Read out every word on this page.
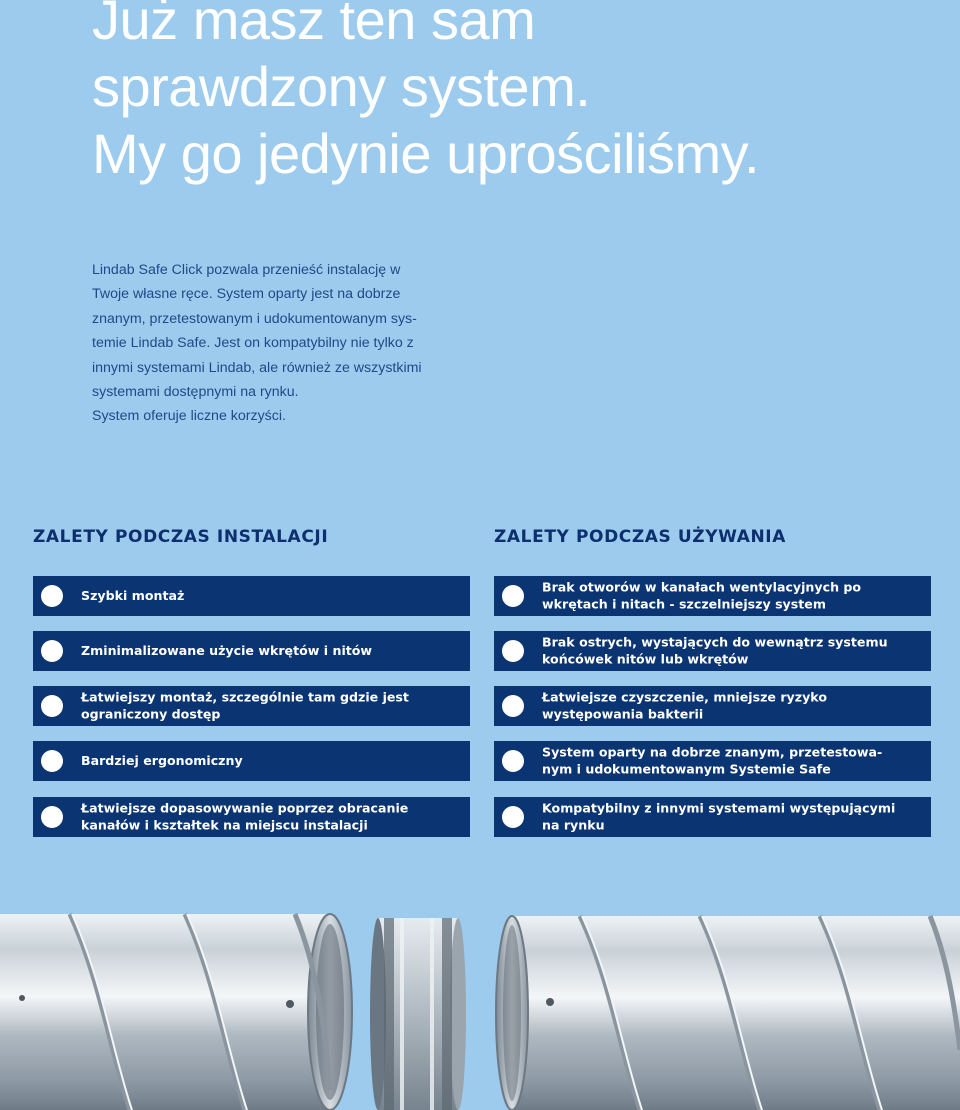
Już masz ten sam
sprawdzony system.
My go jedynie uprościliśmy.
Lindab Safe Click pozwala przenieść instalację w
Twoje własne ręce. System oparty jest na dobrze
znanym, przetestowanym i udokumentowanym sys-
temie Lindab Safe. Jest on kompatybilny nie tylko z
innymi systemami Lindab, ale również ze wszystkimi
systemami dostępnymi na rynku.
System oferuje liczne korzyści.
ZALETY PODCZAS INSTALACJI	ZALETY PODCZAS UŻYWANIA
Szybki montaż
Zminimalizowane użycie wkrętów i nitów
Łatwiejszy montaż, szczególnie tam gdzie jest
ograniczony dostęp
Bardziej ergonomiczny
Łatwiejsze dopasowywanie poprzez obracanie
kanałów i kształtek na miejscu instalacji
Brak otworów w kanałach wentylacyjnych po
wkrętach i nitach - szczelniejszy system
Brak ostrych, wystających do wewnątrz systemu
końcówek nitów lub wkrętów
Łatwiejsze czyszczenie, mniejsze ryzyko
występowania bakterii
System oparty na dobrze znanym, przetestowa-
nym i udokumentowanym Systemie Safe
Kompatybilny z innymi systemami występującymi
na rynku
